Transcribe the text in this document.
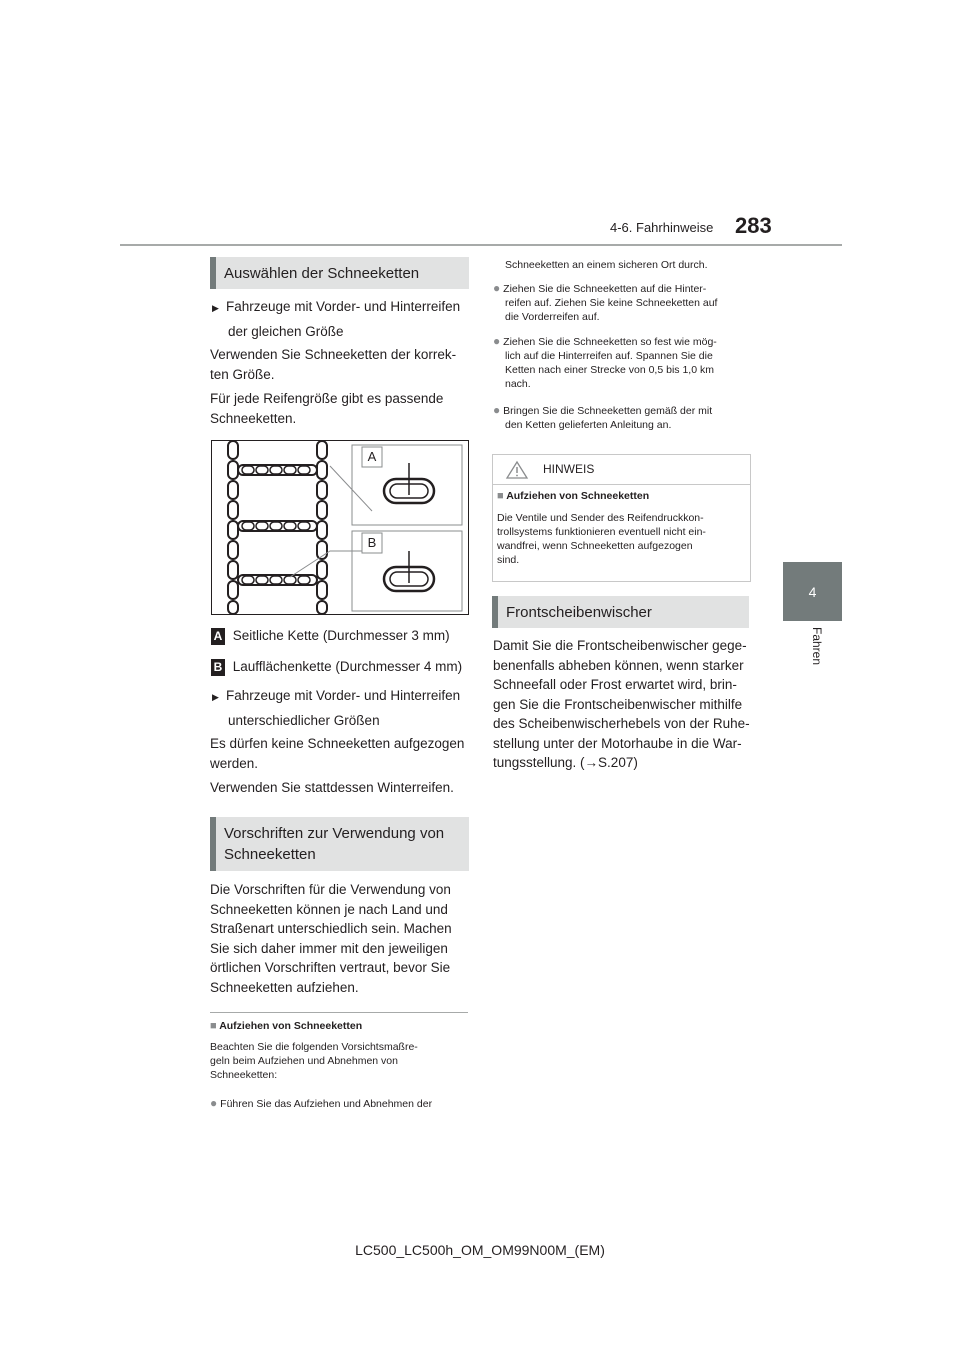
4-6. Fahrhinweise 283
4
Fahren
Auswählen der Schneeketten
▶ Fahrzeuge mit Vorder- und Hinterreifen
der gleichen Größe
Verwenden Sie Schneeketten der korrek-
ten Größe.
Für jede Reifengröße gibt es passende
Schneeketten.
A
B
A Seitliche Kette (Durchmesser 3 mm)
B Laufflächenkette (Durchmesser 4 mm)
▶ Fahrzeuge mit Vorder- und Hinterreifen
unterschiedlicher Größen
Es dürfen keine Schneeketten aufgezogen
werden.
Verwenden Sie stattdessen Winterreifen.
Vorschriften zur Verwendung von
Schneeketten
Die Vorschriften für die Verwendung von
Schneeketten können je nach Land und
Straßenart unterschiedlich sein. Machen
Sie sich daher immer mit den jeweiligen
örtlichen Vorschriften vertraut, bevor Sie
Schneeketten aufziehen.
■ Aufziehen von Schneeketten
Beachten Sie die folgenden Vorsichtsmaßre-
geln beim Aufziehen und Abnehmen von
Schneeketten:
● Führen Sie das Aufziehen und Abnehmen der
Schneeketten an einem sicheren Ort durch.
● Ziehen Sie die Schneeketten auf die Hinter-
reifen auf. Ziehen Sie keine Schneeketten auf
die Vorderreifen auf.
● Ziehen Sie die Schneeketten so fest wie mög-
lich auf die Hinterreifen auf. Spannen Sie die
Ketten nach einer Strecke von 0,5 bis 1,0 km
nach.
● Bringen Sie die Schneeketten gemäß der mit
den Ketten gelieferten Anleitung an.
HINWEIS
■ Aufziehen von Schneeketten
Die Ventile und Sender des Reifendruckkon-
trollsystems funktionieren eventuell nicht ein-
wandfrei, wenn Schneeketten aufgezogen
sind.
Frontscheibenwischer
Damit Sie die Frontscheibenwischer gege-
benenfalls abheben können, wenn starker
Schneefall oder Frost erwartet wird, brin-
gen Sie die Frontscheibenwischer mithilfe
des Scheibenwischerhebels von der Ruhe-
stellung unter der Motorhaube in die War-
tungsstellung. (→S.207)
LC500_LC500h_OM_OM99N00M_(EM)
